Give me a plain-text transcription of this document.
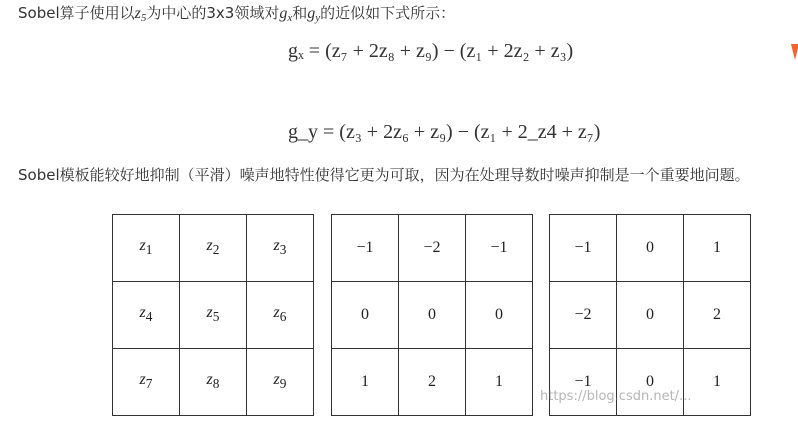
Sobel算子使用以$z_5$为中心的3x3领域对$g_x$和$g_y$的近似如下式所示：
gₓ = (z₇ + 2z₈ + z₉) − (z₁ + 2z₂ + z₃)
g_y = (z₃ + 2z₆ + z₉) − (z₁ + 2_z4 + z₇)
Sobel模板能较好地抑制（平滑）噪声地特性使得它更为可取，因为在处理导数时噪声抑制是一个重要地问题。
$z_1$	$z_2$	$z_3$
$z_4$	$z_5$	$z_6$
$z_7$	$z_8$	$z_9$
−1	−2	−1
0	0	0
1	2	1
−1	0	1
−2	0	2
−1	0	1
https://blog.csdn.net/...
